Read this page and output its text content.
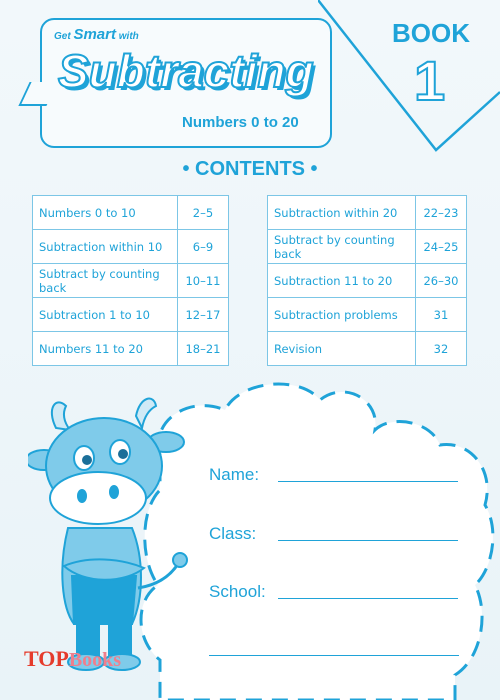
Get Smart with
Subtracting
Numbers 0 to 20
BOOK
1
• CONTENTS •
Numbers 0 to 10	2–5
Subtraction within 10	6–9
Subtract by counting back	10–11
Subtraction 1 to 10	12–17
Numbers 11 to 20	18–21
Subtraction within 20	22–23
Subtract by counting back	24–25
Subtraction 11 to 20	26–30
Subtraction problems	31
Revision	32
Name:
Class:
School:
TOPBooks
